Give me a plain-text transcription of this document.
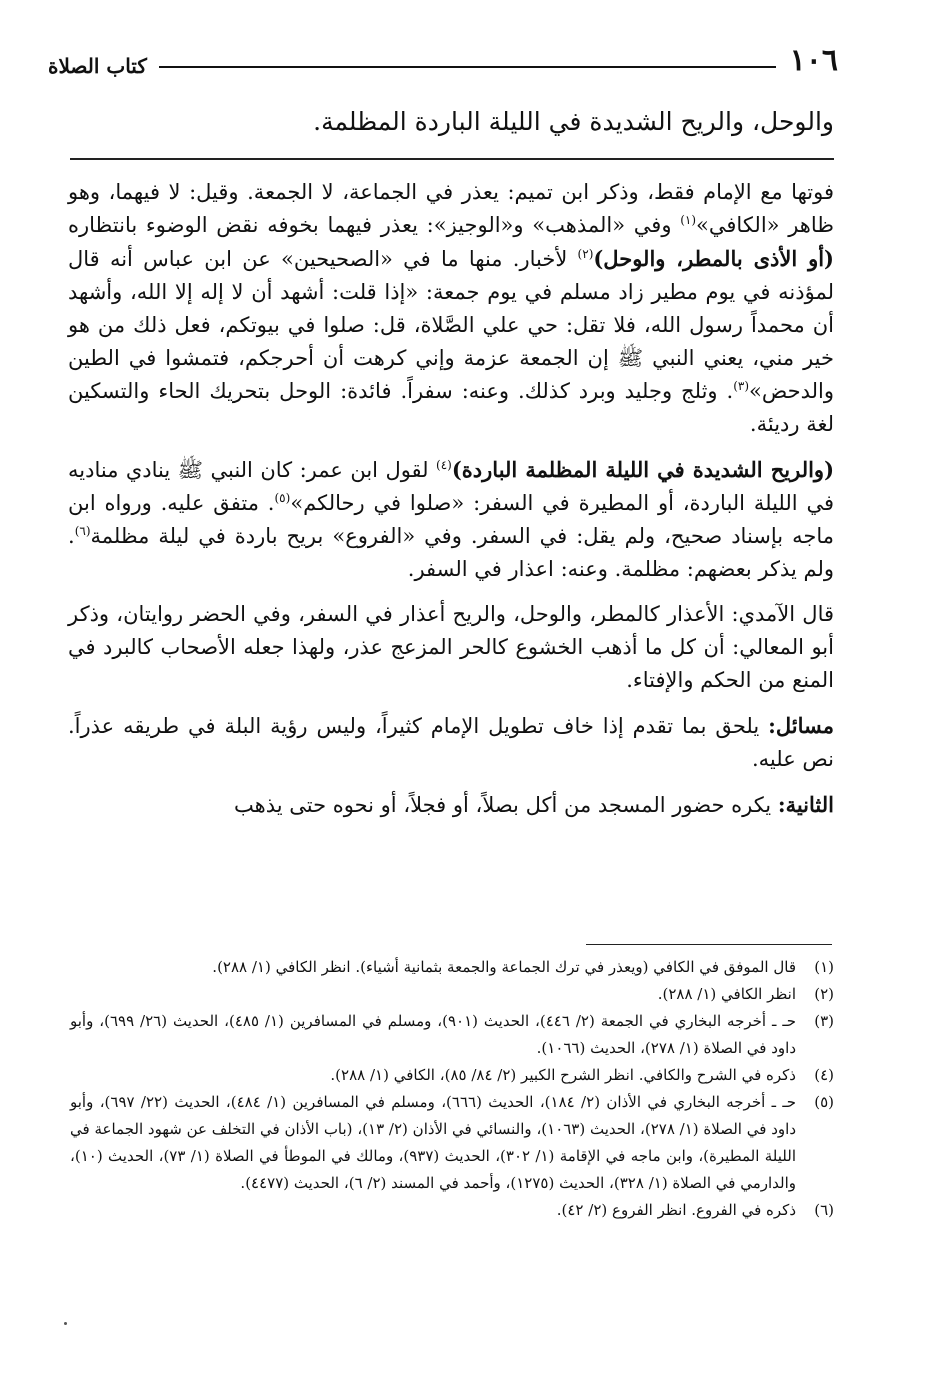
١٠٦
كتاب الصلاة
والوحل، والريح الشديدة في الليلة الباردة المظلمة.

فوتها مع الإمام فقط، وذكر ابن تميم: يعذر في الجماعة، لا الجمعة. وقيل: لا فيهما، وهو ظاهر «الكافي»$^{(١)}$ وفي «المذهب» و«الوجيز»: يعذر فيهما بخوفه نقض الوضوء بانتظاره (أو الأذى بالمطر، والوحل)$^{(٢)}$ لأخبار. منها ما في «الصحيحين» عن ابن عباس أنه قال لمؤذنه في يوم مطير زاد مسلم في يوم جمعة: «إذا قلت: أشهد أن لا إله إلا الله، وأشهد أن محمداً رسول الله، فلا تقل: حي علي الصَّلاة، قل: صلوا في بيوتكم، فعل ذلك من هو خير مني، يعني النبي ﷺ إن الجمعة عزمة وإني كرهت أن أحرجكم، فتمشوا في الطين والدحض»$^{(٣)}$. وثلج وجليد وبرد كذلك. وعنه: سفراً. فائدة: الوحل بتحريك الحاء والتسكين لغة رديئة.

(والريح الشديدة في الليلة المظلمة الباردة)$^{(٤)}$ لقول ابن عمر: كان النبي ﷺ ينادي مناديه في الليلة الباردة، أو المطيرة في السفر: «صلوا في رحالكم»$^{(٥)}$. متفق عليه. ورواه ابن ماجه بإسناد صحيح، ولم يقل: في السفر. وفي «الفروع» بريح باردة في ليلة مظلمة$^{(٦)}$. ولم يذكر بعضهم: مظلمة. وعنه: اعذار في السفر.

قال الآمدي: الأعذار كالمطر، والوحل، والريح أعذار في السفر، وفي الحضر روايتان، وذكر أبو المعالي: أن كل ما أذهب الخشوع كالحر المزعج عذر، ولهذا جعله الأصحاب كالبرد في المنع من الحكم والإفتاء.

مسائل: يلحق بما تقدم إذا خاف تطويل الإمام كثيراً، وليس رؤية البلة في طريقه عذراً. نص عليه.

الثانية: يكره حضور المسجد من أكل بصلاً، أو فجلاً، أو نحوه حتى يذهب

(١)
قال الموفق في الكافي (ويعذر في ترك الجماعة والجمعة بثمانية أشياء). انظر الكافي (١/ ٢٨٨).
(٢)
انظر الكافي (١/ ٢٨٨).
(٣)
حـ ـ أخرجه البخاري في الجمعة (٢/ ٤٤٦)، الحديث (٩٠١)، ومسلم في المسافرين (١/ ٤٨٥)، الحديث (٢٦/ ٦٩٩)، وأبو داود في الصلاة (١/ ٢٧٨)، الحديث (١٠٦٦).
(٤)
ذكره في الشرح والكافي. انظر الشرح الكبير (٢/ ٨٤/ ٨٥)، الكافي (١/ ٢٨٨).
(٥)
حـ ـ أخرجه البخاري في الأذان (٢/ ١٨٤)، الحديث (٦٦٦)، ومسلم في المسافرين (١/ ٤٨٤)، الحديث (٢٢/ ٦٩٧)، وأبو داود في الصلاة (١/ ٢٧٨)، الحديث (١٠٦٣)، والنسائي في الأذان (٢/ ١٣)، (باب الأذان في التخلف عن شهود الجماعة في الليلة المطيرة)، وابن ماجه في الإقامة (١/ ٣٠٢)، الحديث (٩٣٧)، ومالك في الموطأ في الصلاة (١/ ٧٣)، الحديث (١٠)، والدارمي في الصلاة (١/ ٣٢٨)، الحديث (١٢٧٥)، وأحمد في المسند (٢/ ٦)، الحديث (٤٤٧٧).
(٦)
ذكره في الفروع. انظر الفروع (٢/ ٤٢).
